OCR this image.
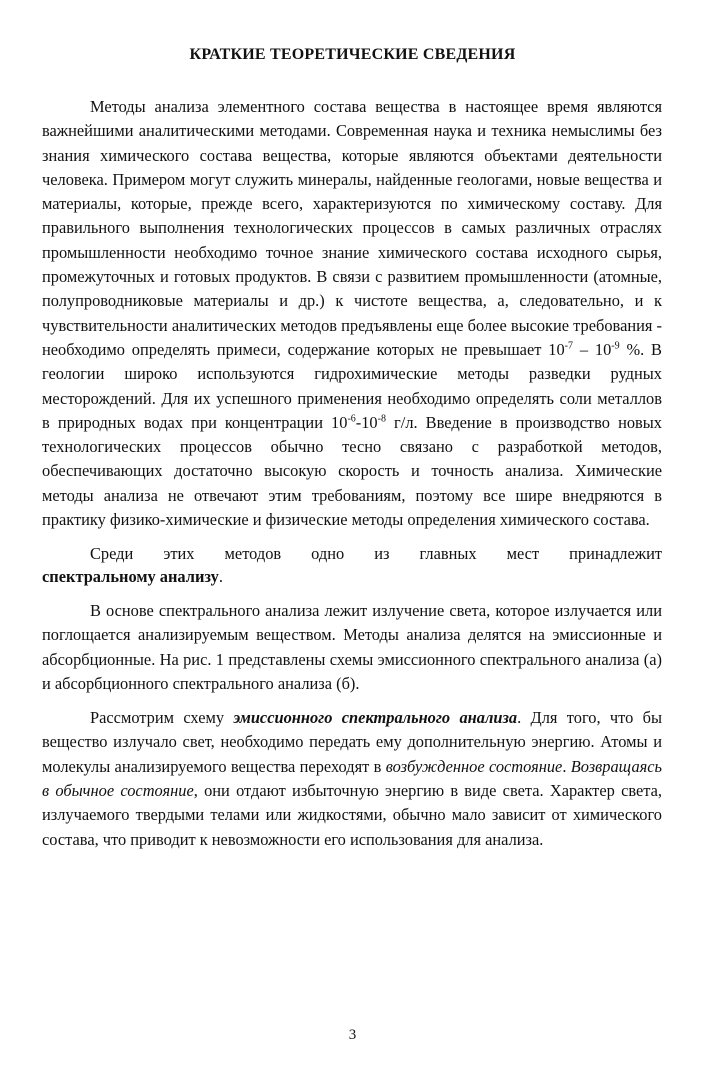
КРАТКИЕ ТЕОРЕТИЧЕСКИЕ СВЕДЕНИЯ

Методы анализа элементного состава вещества в настоящее время являются важнейшими аналитическими методами. Современная наука и техника немыслимы без знания химического состава вещества, которые являются объектами деятельности человека. Примером могут служить минералы, найденные геологами, новые вещества и материалы, которые, прежде всего, характеризуются по химическому составу. Для правильного выполнения технологических процессов в самых различных отраслях промышленности необходимо точное знание химического состава исходного сырья, промежуточных и готовых продуктов. В связи с развитием промышленности (атомные, полупроводниковые материалы и др.) к чистоте вещества, а, следовательно, и к чувствительности аналитических методов предъявлены еще более высокие требования - необходимо определять примеси, содержание которых не превышает $10^{-7} - 10^{-9}$ %. В геологии широко используются гидрохимические методы разведки рудных месторождений. Для их успешного применения необходимо определять соли металлов в природных водах при концентрации $10^{-6}-10^{-8}$ г/л. Введение в производство новых технологических процессов обычно тесно связано с разработкой методов, обеспечивающих достаточно высокую скорость и точность анализа. Химические методы анализа не отвечают этим требованиям, поэтому все шире внедряются в практику физико-химические и физические методы определения химического состава.

Среди этих методов одно из главных мест принадлежит

спектральному анализу.

В основе спектрального анализа лежит излучение света, которое излучается или поглощается анализируемым веществом. Методы анализа делятся на эмиссионные и абсорбционные. На рис. 1 представлены схемы эмиссионного спектрального анализа (а) и абсорбционного спектрального анализа (б).

Рассмотрим схему эмиссионного спектрального анализа. Для того, что бы вещество излучало свет, необходимо передать ему дополнительную энергию. Атомы и молекулы анализируемого вещества переходят в возбужденное состояние. Возвращаясь в обычное состояние, они отдают избыточную энергию в виде света. Характер света, излучаемого твердыми телами или жидкостями, обычно мало зависит от химического состава, что приводит к невозможности его использования для анализа.

3
